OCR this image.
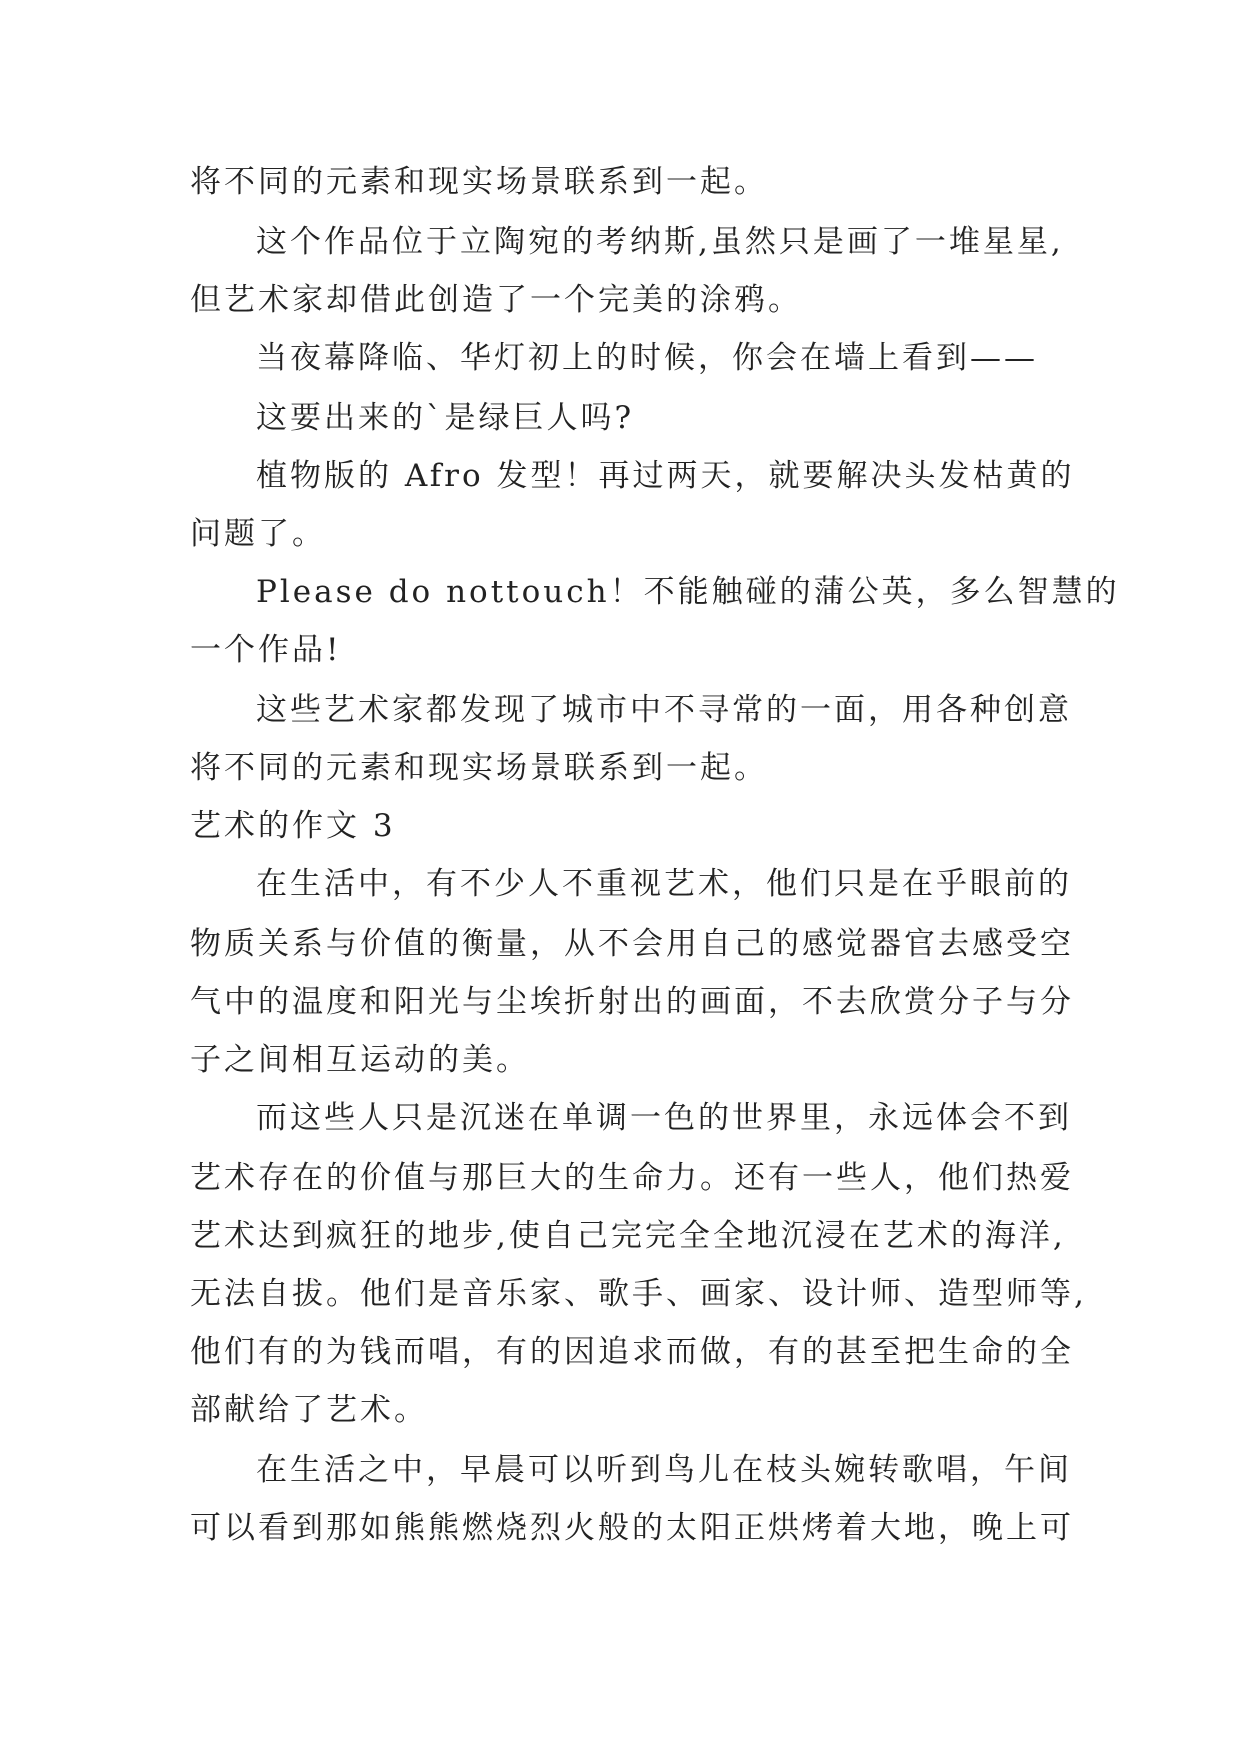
将不同的元素和现实场景联系到一起。
这个作品位于立陶宛的考纳斯,虽然只是画了一堆星星,
但艺术家却借此创造了一个完美的涂鸦。
当夜幕降临、华灯初上的时候，你会在墙上看到——
这要出来的`是绿巨人吗?
植物版的 Afro 发型！再过两天，就要解决头发枯黄的
问题了。
Please do nottouch！不能触碰的蒲公英，多么智慧的
一个作品!
这些艺术家都发现了城市中不寻常的一面，用各种创意
将不同的元素和现实场景联系到一起。
艺术的作文 3
在生活中，有不少人不重视艺术，他们只是在乎眼前的
物质关系与价值的衡量，从不会用自己的感觉器官去感受空
气中的温度和阳光与尘埃折射出的画面，不去欣赏分子与分
子之间相互运动的美。
而这些人只是沉迷在单调一色的世界里，永远体会不到
艺术存在的价值与那巨大的生命力。还有一些人，他们热爱
艺术达到疯狂的地步,使自己完完全全地沉浸在艺术的海洋,
无法自拔。他们是音乐家、歌手、画家、设计师、造型师等,
他们有的为钱而唱，有的因追求而做，有的甚至把生命的全
部献给了艺术。
在生活之中，早晨可以听到鸟儿在枝头婉转歌唱，午间
可以看到那如熊熊燃烧烈火般的太阳正烘烤着大地，晚上可
